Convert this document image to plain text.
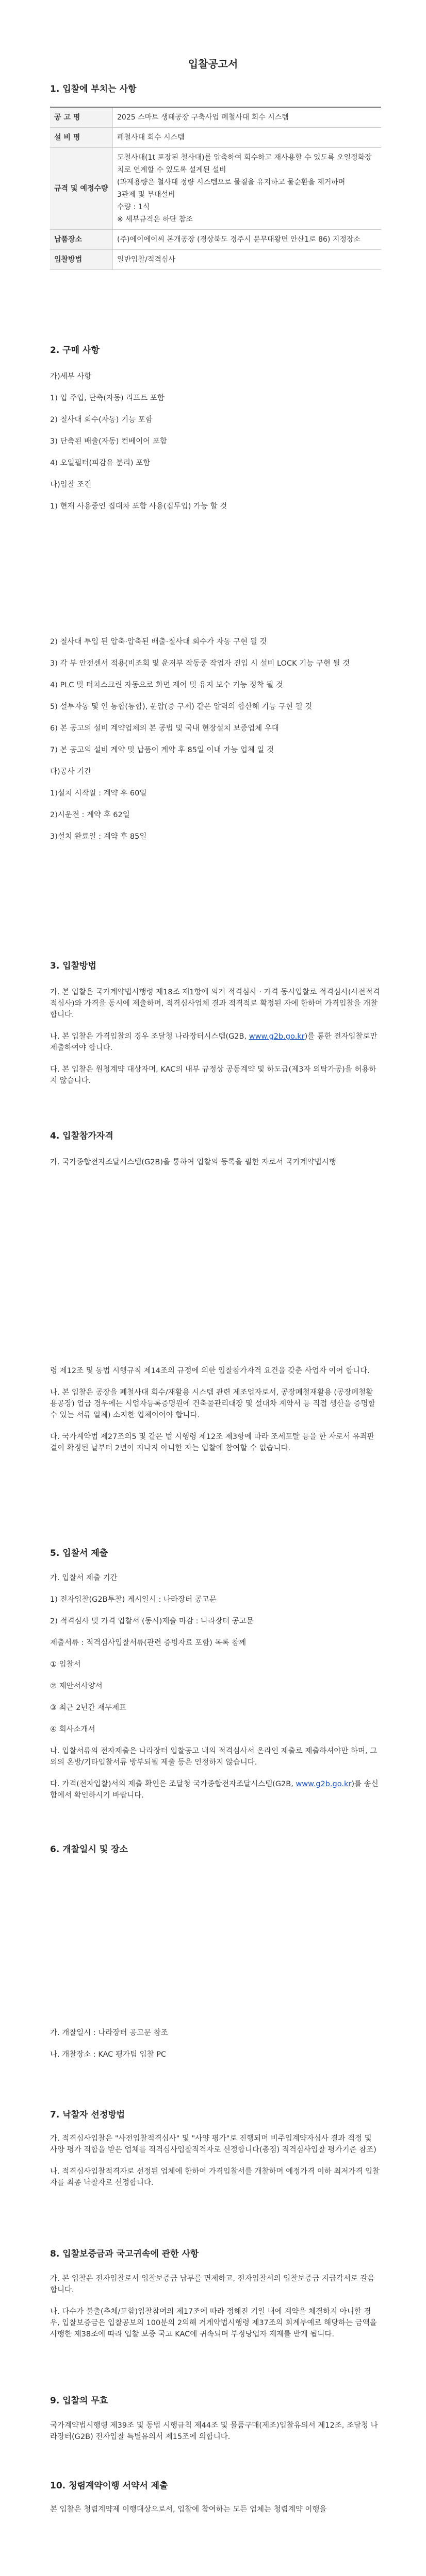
입찰공고서
1. 입찰에 부치는 사항
공 고 명	2025 스마트 생태공장 구축사업 폐철사대 회수 시스템
설 비 명	폐철사대 회수 시스템
규격 및 예정수량	도철사대(1t 포장된 철사대)를 압축하여 회수하고 재사용할 수 있도록 오일정화장치로 연계할 수 있도록 설계된 설비
(과제용량은 철사대 정량 시스템으로 물질을 유지하고 물순환을 제거하며
3관제 및 부대설비
수량 : 1식
※ 세부규격은 하단 참조

납품장소	(주)에이에이씨 본개공장 (경상북도 경주시 문무대왕면 안산1로 86) 지정장소
입찰방법	일반입찰/적격심사
2. 구매 사항

가)세부 사항

1) 입 주입, 단축(자동) 리프트 포함

2) 철사대 회수(자동) 기능 포함

3) 단축된 배출(자동) 컨베이어 포함

4) 오일필터(피감유 분리) 포함

나)입찰 조건

1) 현재 사용중인 집대차 포함 사용(집투입) 가능 할 것

2) 철사대 투입 된 압축·압축된 배출·철사대 회수가 자동 구현 될 것

3) 각 부 안전센서 적용(비조회 및 운저부 작동중 작업자 진입 시 설비 LOCK 기능 구현 될 것

4) PLC 및 터치스크린 자동으로 화면 제어 및 유지 보수 기능 정착 될 것

5) 설투자동 및 인 통합(통합), 운압(중 구제) 같은 압력의 합산해 기능 구현 될 것

6) 본 공고의 설비 계약업체의 본 공법 및 국내 현장설치 보증업체 우대

7) 본 공고의 설비 계약 및 납품이 계약 후 85일 이내 가능 업체 일 것

다)공사 기간

1)설치 시작일 : 계약 후 60일

2)시운전 : 계약 후 62일

3)설치 완료일 : 계약 후 85일

3. 입찰방법

가. 본 입찰은 국가계약법시행령 제18조 제1항에 의거 적격심사 · 가격 동시입찰로 적격심사(사전적격적심사)와 가격을 동시에 제출하며, 적격심사업체 결과 적격적로 확정된 자에 한하여 가격입찰을 개찰합니다.

나. 본 입찰은 가격입찰의 경우 조달청 나라장터시스템(G2B, www.g2b.go.kr)를 통한 전자입찰로만 제출하여야 합니다.

다. 본 입찰은 원청계약 대상자며, KAC의 내부 규정상 공동계약 및 하도급(제3자 외탁가공)을 허용하지 않습니다.

4. 입찰참가자격

가. 국가종합전자조달시스템(G2B)을 통하여 입찰의 등록을 필한 자로서 국가계약법시행

령 제12조 및 동법 시행규칙 제14조의 규정에 의한 입찰참가자격 요건을 갖춘 사업자 이어 합니다.

나. 본 입찰은 공장을 폐철사대 회수/재활용 시스템 관련 제조업자로서, 공장폐철재활용 (공장폐철활용공장) 업급 경우에는 시업자등록증명원에 건축물관리대장 및 설대차 계약서 등 직접 생산을 증명할 수 있는 서류 일체) 소지한 업체이어야 합니다.

다. 국가계약법 제27조의5 및 같은 법 시행령 제12조 제3항에 따라 조세포탈 등을 한 자로서 유죄판결이 확정된 날부터 2년이 지나지 아니한 자는 입찰에 참여할 수 없습니다.

5. 입찰서 제출

가. 입찰서 제출 기간

1) 전자입찰(G2B투찰) 게시일시 : 나라장터 공고문

2) 적격심사 및 가격 입찰서 (동시)제출 마감 : 나라장터 공고문

제출서류 : 적격심사입찰서류(관련 증빙자료 포함) 목록 참께

① 입찰서

② 제안서사양서

③ 최근 2년간 재무제표

④ 회사소개서

나. 입찰서류의 전자제출은 나라장터 입찰공고 내의 적격심사서 온라인 제출로 제출하셔야만 하며, 그 외의 온방/기타입찰서류 방부되될 제출 등은 인정하지 않습니다.

다. 가격(전자입찰)서의 제출 확인은 조달청 국가종합전자조달시스템(G2B, www.g2b.go.kr)를 송신함에서 확인하시기 바랍니다.

6. 개찰일시 및 장소

가. 개찰일시 : 나라장터 공고문 참조

나. 개찰장소 : KAC 평가팀 입찰 PC

7. 낙찰자 선정방법

가. 적격심사입찰은 "사전입찰적격심사" 및 "사양 평가"로 진행되며 비주입계약자심사 결과 적정 및 사양 평가 적합을 받은 업체를 적격심사입찰적격자로 선정합니다(총점) 적격심사입찰 평가기준 참조)

나. 적격심사입찰적격자로 선정된 업체에 한하여 가격입찰서를 개찰하며 예정가격 이하 최저가격 입찰자를 최종 낙찰자로 선정합니다.

8. 입찰보증금과 국고귀속에 관한 사항

가. 본 입찰은 전자입찰로서 입찰보증금 납부를 면제하고, 전자입찰서의 입찰보증금 지급각서로 갈음합니다.

나. 다수가 불출(추체/포함)입찰참여의 제17조에 따라 정해진 기일 내에 계약을 체결하지 아니할 경우, 입찰보증금은 입찰공보의 100분의 2의해 거게약법시행령 제37조의 회계부예로 해당하는 금액을 사행한 제38조에 따라 입찰 보증 국고 KAC에 귀속되며 부정당업자 제재를 받게 됩니다.

9. 입찰의 무효

국가계약법시행령 제39조 및 동법 시행규칙 제44조 및 물품구매(제조)입찰유의서 제12조, 조달청 나라장터(G2B) 전자입찰 특별유의서 제15조에 의합니다.

10. 청렴계약이행 서약서 제출

본 입찰은 청렴계약제 이행대상으로서, 입찰에 참여하는 모든 업체는 청렴계약 이행을
